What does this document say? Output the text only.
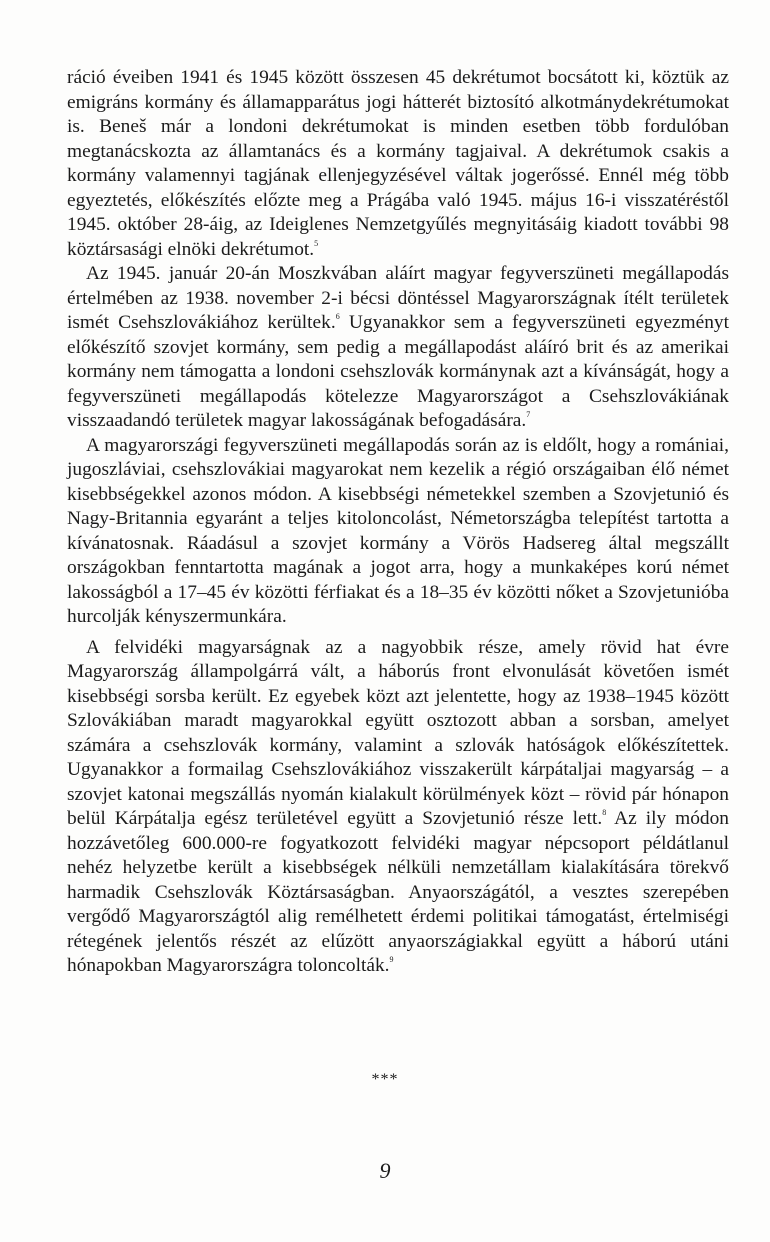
ráció éveiben 1941 és 1945 között összesen 45 dekrétumot bocsátott ki, köztük az emigráns kormány és államapparátus jogi hátterét biztosító alkotmánydekrétumokat is. Beneš már a londoni dekrétumokat is minden esetben több fordulóban megtanácskozta az államtanács és a kormány tagjaival. A dekrétumok csakis a kormány valamennyi tagjának ellenjegyzésével váltak jogerőssé. Ennél még több egyeztetés, előkészítés előzte meg a Prágába való 1945. május 16-i visszatéréstől 1945. október 28-áig, az Ideiglenes Nemzetgyűlés megnyitásáig kiadott további 98 köztársasági elnöki dekrétumot.$^5$

Az 1945. január 20-án Moszkvában aláírt magyar fegyverszüneti megállapodás értelmében az 1938. november 2-i bécsi döntéssel Magyarországnak ítélt területek ismét Csehszlovákiához kerültek.$^6$ Ugyanakkor sem a fegyverszüneti egyezményt előkészítő szovjet kormány, sem pedig a megállapodást aláíró brit és az amerikai kormány nem támogatta a londoni csehszlovák kormánynak azt a kívánságát, hogy a fegyverszüneti megállapodás kötelezze Magyarországot a Csehszlovákiának visszaadandó területek magyar lakosságának befogadására.$^7$

A magyarországi fegyverszüneti megállapodás során az is eldőlt, hogy a romániai, jugoszláviai, csehszlovákiai magyarokat nem kezelik a régió országaiban élő német kisebbségekkel azonos módon. A kisebbségi németekkel szemben a Szovjetunió és Nagy-Britannia egyaránt a teljes kitoloncolást, Németországba telepítést tartotta a kívánatosnak. Ráadásul a szovjet kormány a Vörös Hadsereg által megszállt országokban fenntartotta magának a jogot arra, hogy a munkaképes korú német lakosságból a 17–45 év közötti férfiakat és a 18–35 év közötti nőket a Szovjetunióba hurcolják kényszermunkára.

A felvidéki magyarságnak az a nagyobbik része, amely rövid hat évre Magyarország állampolgárrá vált, a háborús front elvonulását követően ismét kisebbségi sorsba került. Ez egyebek közt azt jelentette, hogy az 1938–1945 között Szlovákiában maradt magyarokkal együtt osztozott abban a sorsban, amelyet számára a csehszlovák kormány, valamint a szlovák hatóságok előkészítettek. Ugyanakkor a formailag Csehszlovákiához visszakerült kárpátaljai magyarság – a szovjet katonai megszállás nyomán kialakult körülmények közt – rövid pár hónapon belül Kárpátalja egész területével együtt a Szovjetunió része lett.$^8$ Az ily módon hozzávetőleg 600.000-re fogyatkozott felvidéki magyar népcsoport példátlanul nehéz helyzetbe került a kisebbségek nélküli nemzetállam kialakítására törekvő harmadik Csehszlovák Köztársaságban. Anyaországától, a vesztes szerepében vergődő Magyarországtól alig remélhetett érdemi politikai támogatást, értelmiségi rétegének jelentős részét az elűzött anyaországiakkal együtt a háború utáni hónapokban Magyarországra toloncolták.$^9$

***
9
